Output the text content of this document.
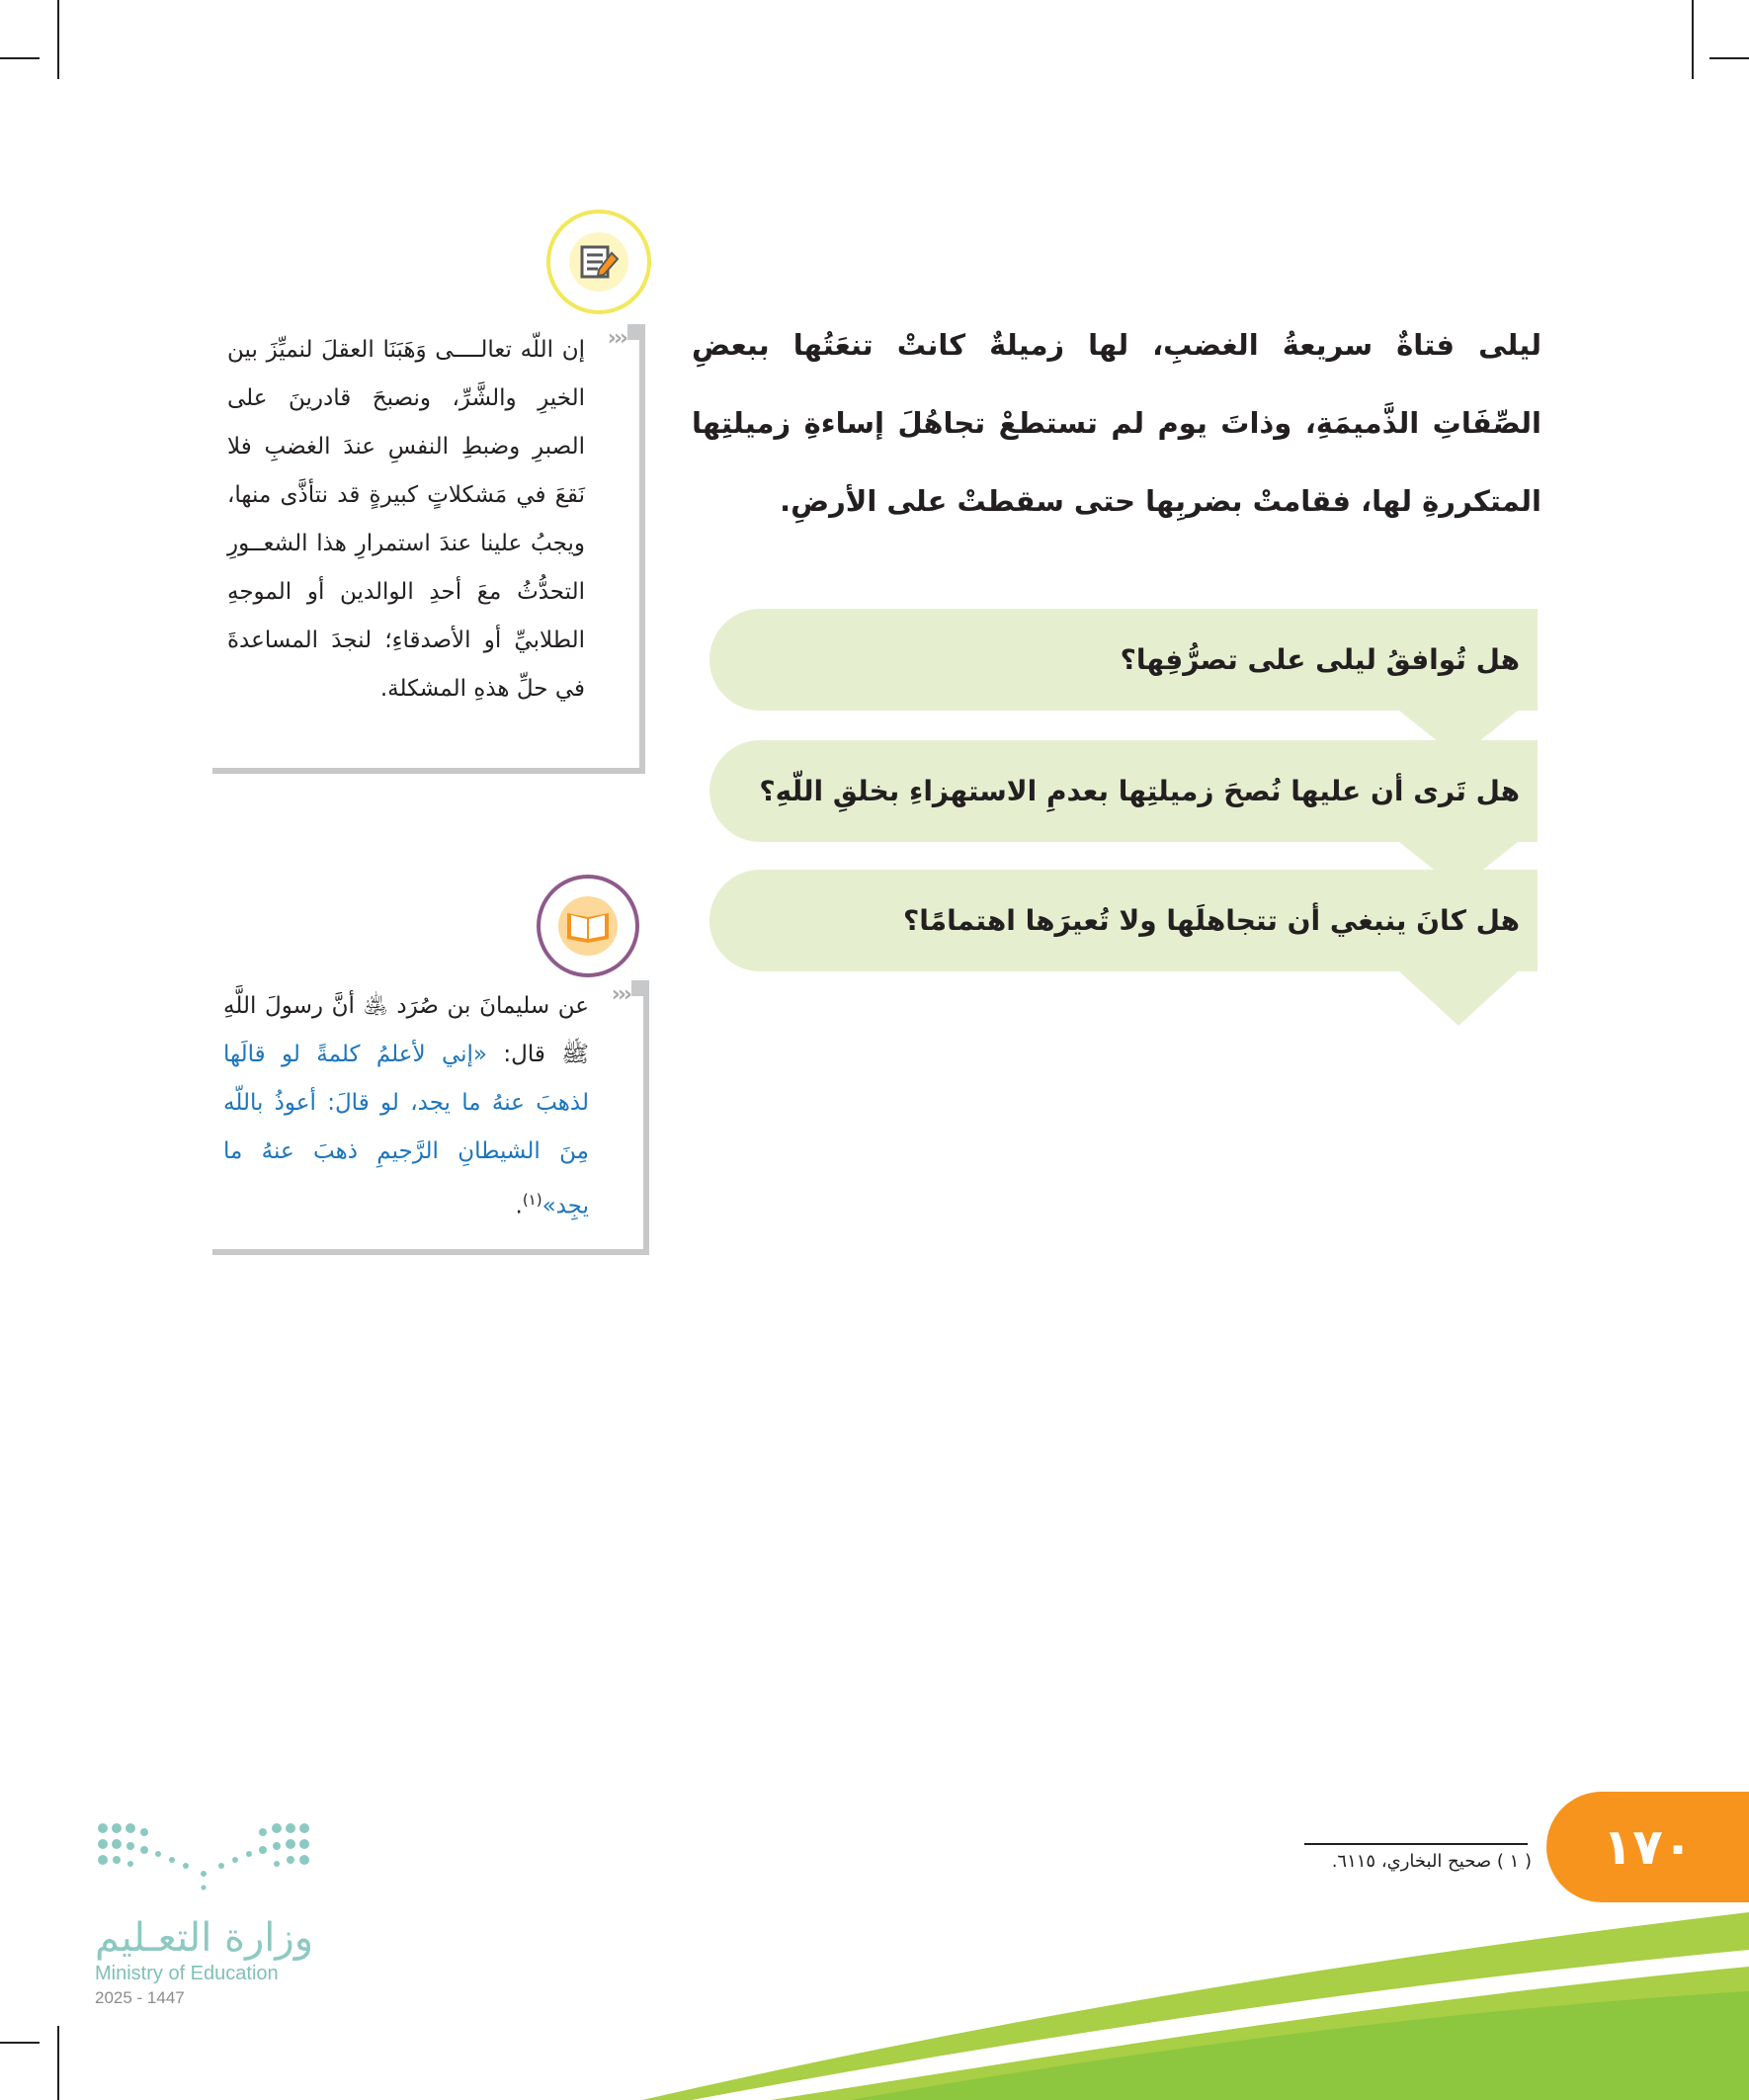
ليلى فتاةٌ سريعةُ الغضبِ، لها زميلةٌ كانتْ تنعَتُها ببعضِ الصِّفَاتِ الذَّميمَةِ، وذاتَ يوم لم تستطعْ تجاهُلَ إساءةِ زميلتِها المتكررةِ لها، فقامتْ بضربِها حتى سقطتْ على الأرضِ.
هل تُوافقُ ليلى على تصرُّفِها؟
هل تَرى أن عليها نُصحَ زميلتِها بعدمِ الاستهزاءِ بخلقِ اللّهِ؟
هل كانَ ينبغي أن تتجاهلَها ولا تُعيرَها اهتمامًا؟
‹‹‹
إن اللّه تعالــــى وَهَبَنَا العقلَ لنميِّزَ بين الخيرِ والشَّرِّ، ونصبحَ قادرينَ على الصبرِ وضبطِ النفسِ عندَ الغضبِ فلا نَقعَ في مَشكلاتٍ كبيرةٍ قد نتأذَّى منها، ويجبُ علينا عندَ استمرارِ هذا الشعــورِ التحدُّثُ معَ أحدِ الوالدين أو الموجهِ الطلابيِّ أو الأصدقاءِ؛ لنجدَ المساعدةَ في حلِّ هذهِ المشكلة.
‹‹‹
عن سليمانَ بن صُرَد ﵁ أنَّ رسولَ اللَّهِ ﷺ قال: «إني لأعلمُ كلمةً لو قالَها لذهبَ عنهُ ما يجد، لو قالَ: أعوذُ باللّه مِنَ الشيطانِ الرَّجيمِ ذهبَ عنهُ ما يجِد»$^{(١)}$.
١٧٠
( ١ ) صحيح البخاري، ٦١١٥.
وزارة التعـليم
Ministry of Education
2025 - 1447
